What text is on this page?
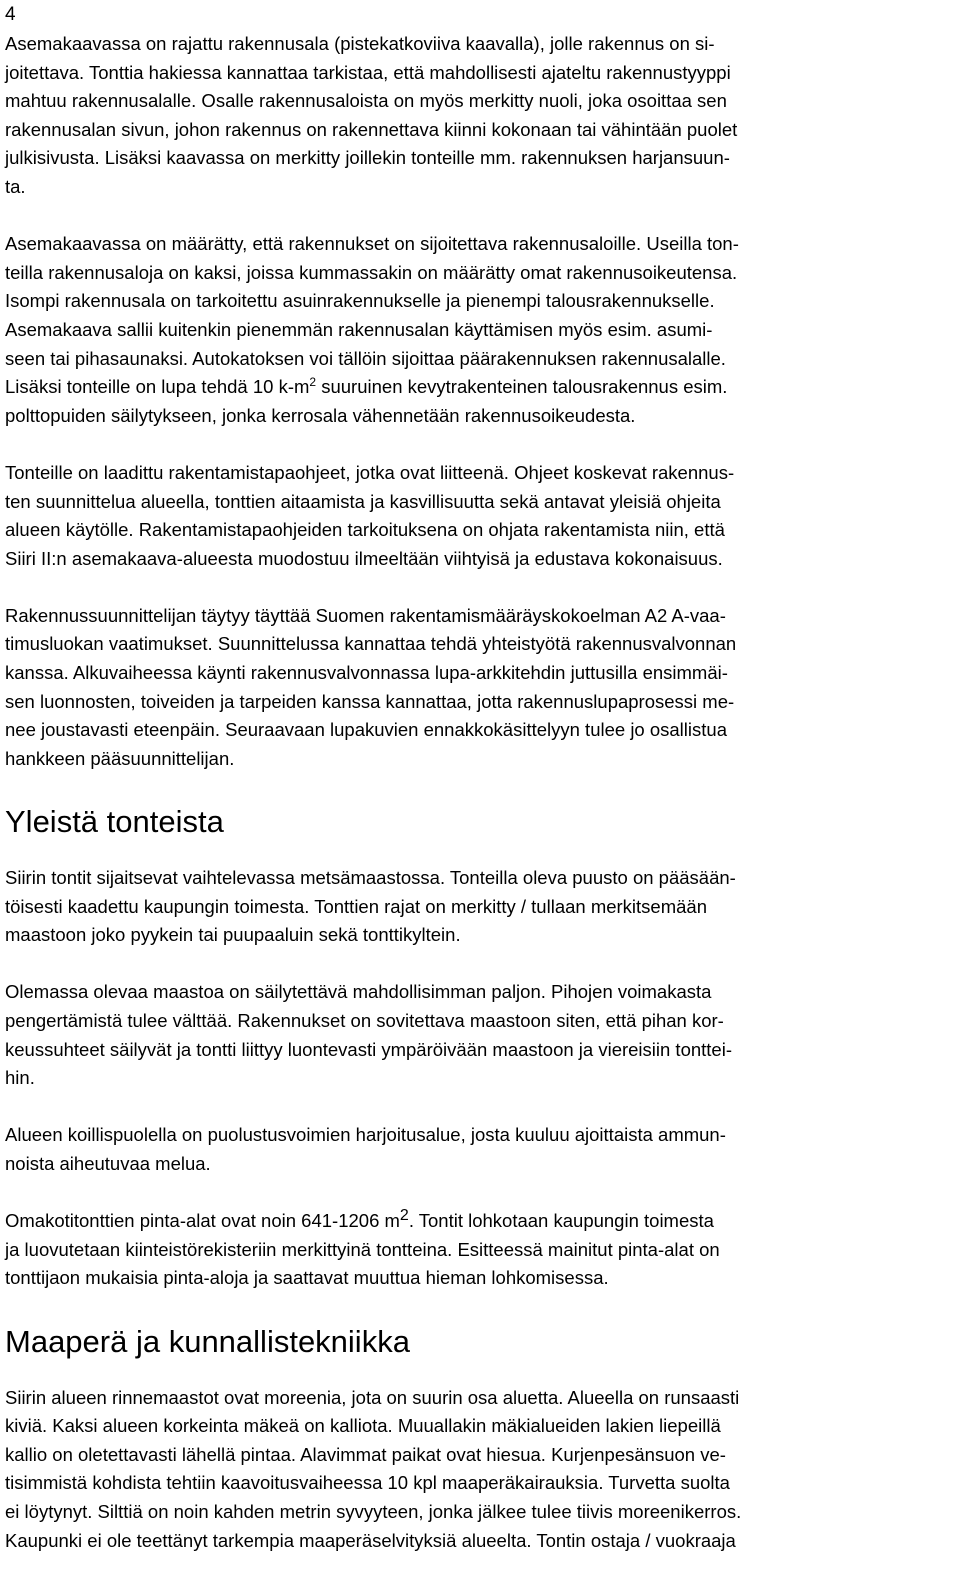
4

Asemakaavassa on rajattu rakennusala (pistekatkoviiva kaavalla), jolle rakennus on si-
joitettava. Tonttia hakiessa kannattaa tarkistaa, että mahdollisesti ajateltu rakennustyyppi
mahtuu rakennusalalle. Osalle rakennusaloista on myös merkitty nuoli, joka osoittaa sen
rakennusalan sivun, johon rakennus on rakennettava kiinni kokonaan tai vähintään puolet
julkisivusta. Lisäksi kaavassa on merkitty joillekin tonteille mm. rakennuksen harjansuun-
ta.

Asemakaavassa on määrätty, että rakennukset on sijoitettava rakennusaloille. Useilla ton-
teilla rakennusaloja on kaksi, joissa kummassakin on määrätty omat rakennusoikeutensa.
Isompi rakennusala on tarkoitettu asuinrakennukselle ja pienempi talousrakennukselle.
Asemakaava sallii kuitenkin pienemmän rakennusalan käyttämisen myös esim. asumi-
seen tai pihasaunaksi. Autokatoksen voi tällöin sijoittaa päärakennuksen rakennusalalle.
Lisäksi tonteille on lupa tehdä 10 $k-m^2$ suuruinen kevytrakenteinen talousrakennus esim.
polttopuiden säilytykseen, jonka kerrosala vähennetään rakennusoikeudesta.

Tonteille on laadittu rakentamistapaohjeet, jotka ovat liitteenä. Ohjeet koskevat rakennus-
ten suunnittelua alueella, tonttien aitaamista ja kasvillisuutta sekä antavat yleisiä ohjeita
alueen käytölle. Rakentamistapaohjeiden tarkoituksena on ohjata rakentamista niin, että
Siiri II:n asemakaava-alueesta muodostuu ilmeeltään viihtyisä ja edustava kokonaisuus.

Rakennussuunnittelijan täytyy täyttää Suomen rakentamismääräyskokoelman A2 A-vaa-
timusluokan vaatimukset. Suunnittelussa kannattaa tehdä yhteistyötä rakennusvalvonnan
kanssa. Alkuvaiheessa käynti rakennusvalvonnassa lupa-arkkitehdin juttusilla ensimmäi-
sen luonnosten, toiveiden ja tarpeiden kanssa kannattaa, jotta rakennuslupaprosessi me-
nee joustavasti eteenpäin. Seuraavaan lupakuvien ennakkokäsittelyyn tulee jo osallistua
hankkeen pääsuunnittelijan.

Yleistä tonteista

Siirin tontit sijaitsevat vaihtelevassa metsämaastossa. Tonteilla oleva puusto on pääsään-
töisesti kaadettu kaupungin toimesta. Tonttien rajat on merkitty / tullaan merkitsemään
maastoon joko pyykein tai puupaaluin sekä tonttikyltein.

Olemassa olevaa maastoa on säilytettävä mahdollisimman paljon. Pihojen voimakasta
pengertämistä tulee välttää. Rakennukset on sovitettava maastoon siten, että pihan kor-
keussuhteet säilyvät ja tontti liittyy luontevasti ympäröivään maastoon ja viereisiin tonttei-
hin.

Alueen koillispuolella on puolustusvoimien harjoitusalue, josta kuuluu ajoittaista ammun-
noista aiheutuvaa melua.

Omakotitonttien pinta-alat ovat noin 641-1206 $m^2$. Tontit lohkotaan kaupungin toimesta
ja luovutetaan kiinteistörekisteriin merkittyinä tontteina. Esitteessä mainitut pinta-alat on
tonttijaon mukaisia pinta-aloja ja saattavat muuttua hieman lohkomisessa.

Maaperä ja kunnallistekniikka

Siirin alueen rinnemaastot ovat moreenia, jota on suurin osa aluetta. Alueella on runsaasti
kiviä. Kaksi alueen korkeinta mäkeä on kalliota. Muuallakin mäkialueiden lakien liepeillä
kallio on oletettavasti lähellä pintaa. Alavimmat paikat ovat hiesua. Kurjenpesänsuon ve-
tisimmistä kohdista tehtiin kaavoitusvaiheessa 10 kpl maaperäkairauksia. Turvetta suolta
ei löytynyt. Silttiä on noin kahden metrin syvyyteen, jonka jälkee tulee tiivis moreenikerros.
Kaupunki ei ole teettänyt tarkempia maaperäselvityksiä alueelta. Tontin ostaja / vuokraaja
